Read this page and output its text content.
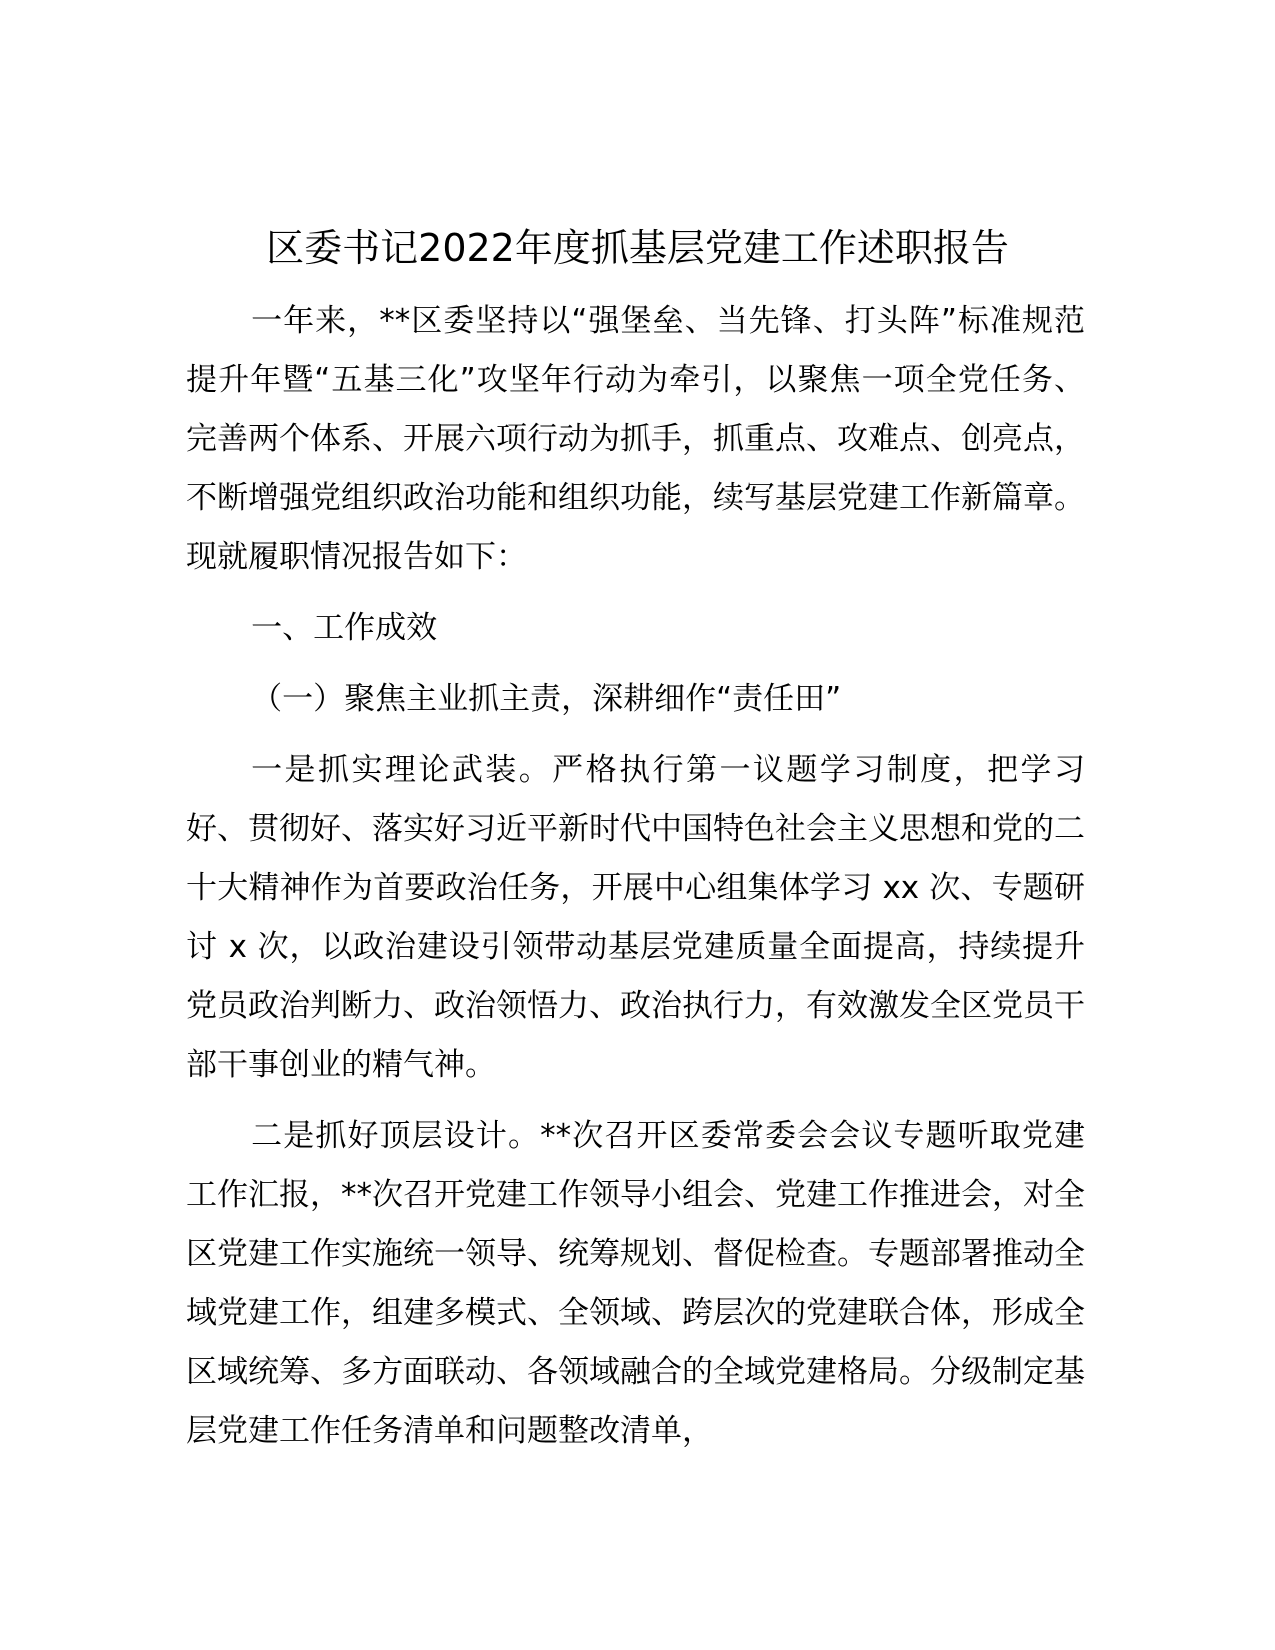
区委书记2022年度抓基层党建工作述职报告

一年来，**区委坚持以“强堡垒、当先锋、打头阵”标准规范提升年暨“五基三化”攻坚年行动为牵引，以聚焦一项全党任务、完善两个体系、开展六项行动为抓手，抓重点、攻难点、创亮点，不断增强党组织政治功能和组织功能，续写基层党建工作新篇章。现就履职情况报告如下：

一、工作成效

（一）聚焦主业抓主责，深耕细作“责任田”

一是抓实理论武装。严格执行第一议题学习制度，把学习好、贯彻好、落实好习近平新时代中国特色社会主义思想和党的二十大精神作为首要政治任务，开展中心组集体学习 xx 次、专题研讨 x 次，以政治建设引领带动基层党建质量全面提高，持续提升党员政治判断力、政治领悟力、政治执行力，有效激发全区党员干部干事创业的精气神。

二是抓好顶层设计。**次召开区委常委会会议专题听取党建工作汇报，**次召开党建工作领导小组会、党建工作推进会，对全区党建工作实施统一领导、统筹规划、督促检查。专题部署推动全域党建工作，组建多模式、全领域、跨层次的党建联合体，形成全区域统筹、多方面联动、各领域融合的全域党建格局。分级制定基层党建工作任务清单和问题整改清单，
